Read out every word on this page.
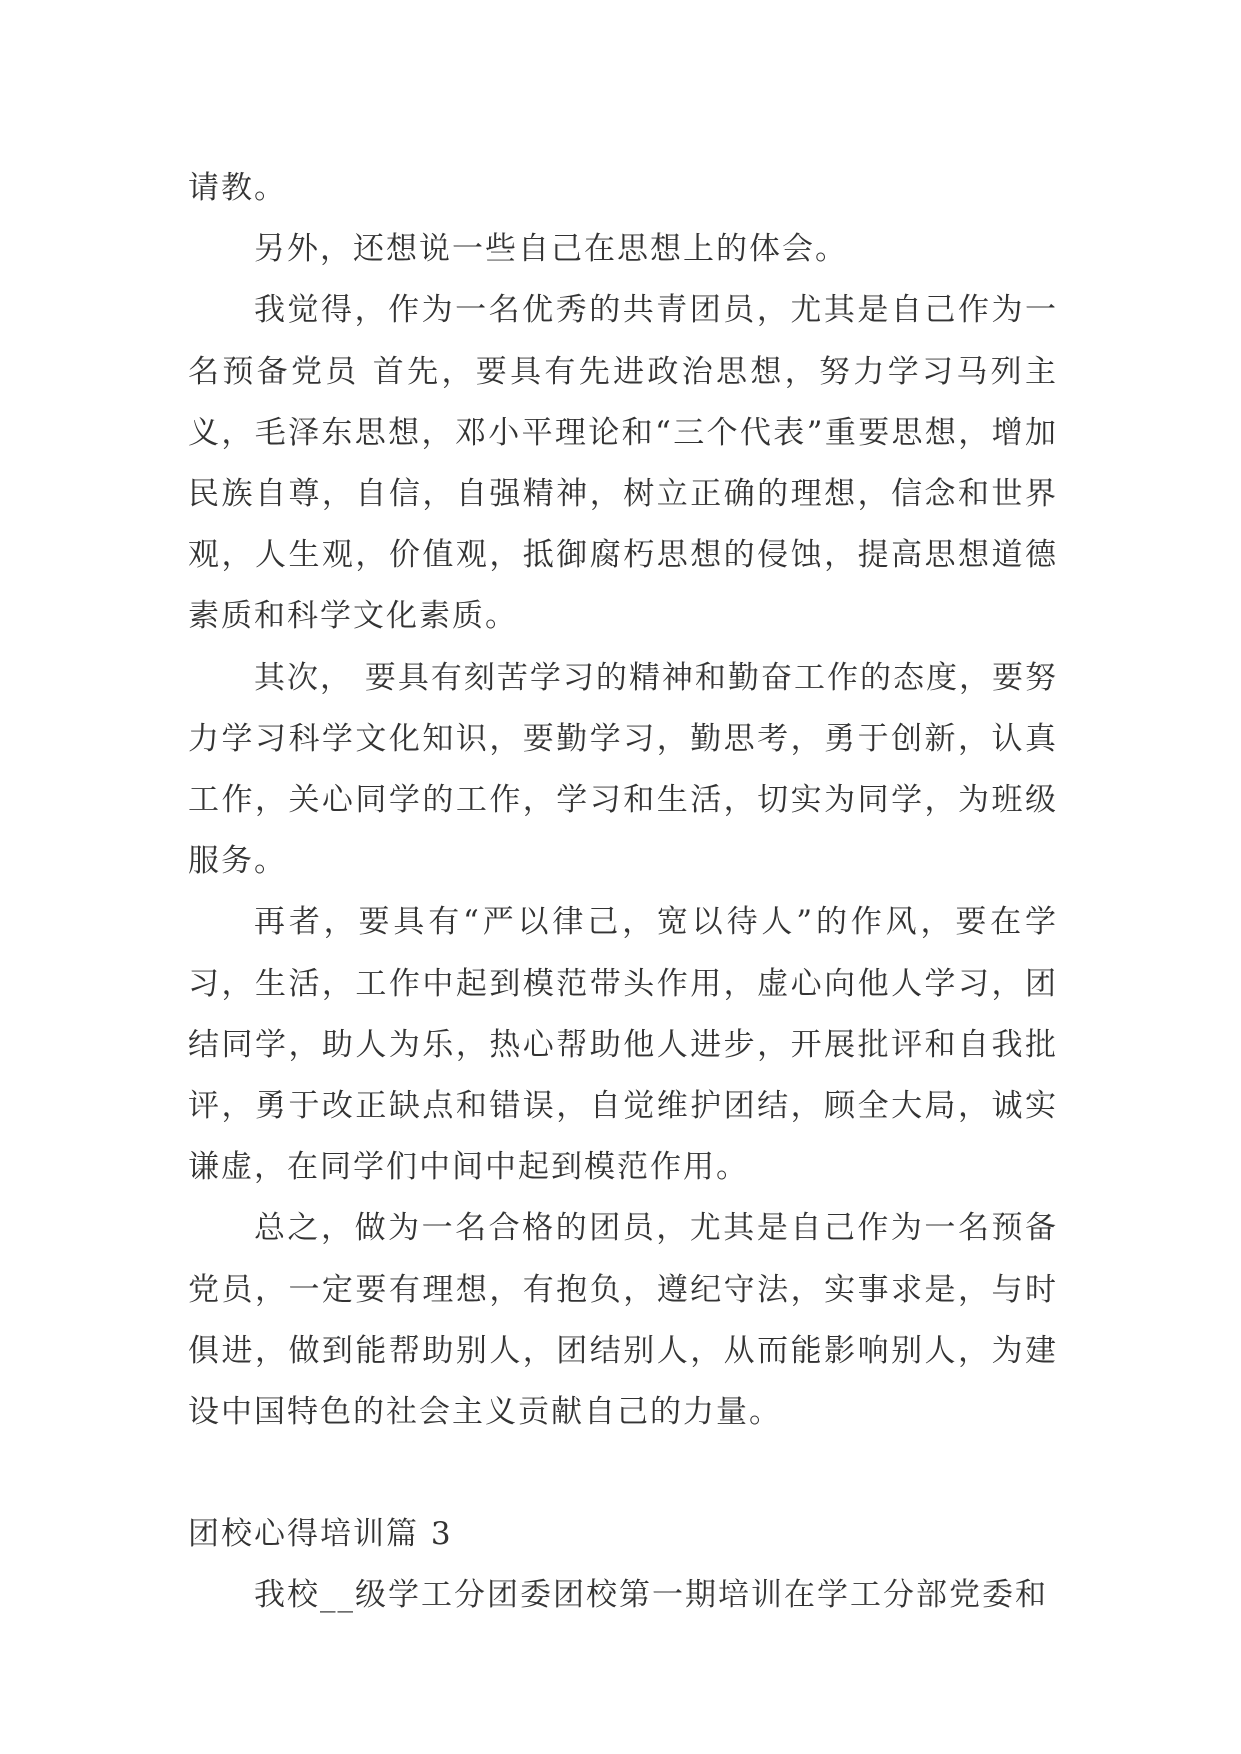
请教。

另外，还想说一些自己在思想上的体会。

我觉得，作为一名优秀的共青团员，尤其是自己作为一名预备党员 首先，要具有先进政治思想，努力学习马列主义，毛泽东思想，邓小平理论和“三个代表”重要思想，增加民族自尊，自信，自强精神，树立正确的理想，信念和世界观，人生观，价值观，抵御腐朽思想的侵蚀，提高思想道德素质和科学文化素质。

其次， 要具有刻苦学习的精神和勤奋工作的态度，要努力学习科学文化知识，要勤学习，勤思考，勇于创新，认真工作，关心同学的工作，学习和生活，切实为同学，为班级服务。

再者，要具有“严以律己，宽以待人”的作风，要在学习，生活，工作中起到模范带头作用，虚心向他人学习，团结同学，助人为乐，热心帮助他人进步，开展批评和自我批评，勇于改正缺点和错误，自觉维护团结，顾全大局，诚实谦虚，在同学们中间中起到模范作用。

总之，做为一名合格的团员，尤其是自己作为一名预备党员，一定要有理想，有抱负，遵纪守法，实事求是，与时俱进，做到能帮助别人，团结别人，从而能影响别人，为建设中国特色的社会主义贡献自己的力量。

团校心得培训篇 3

我校__级学工分团委团校第一期培训在学工分部党委和
